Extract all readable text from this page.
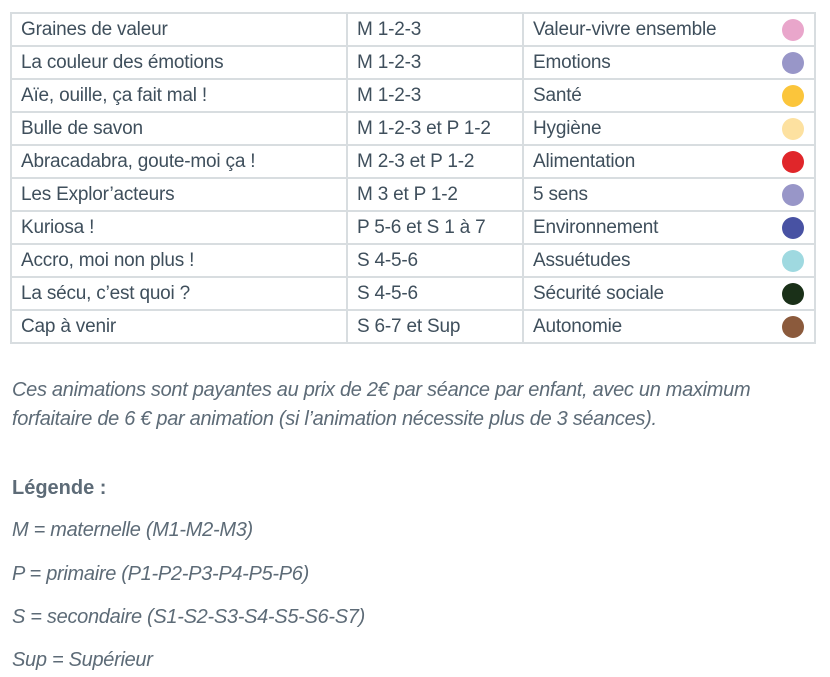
Graines de valeur	M 1-2-3	Valeur-vivre ensemble

La couleur des émotions	M 1-2-3	Emotions

Aïe, ouille, ça fait mal !	M 1-2-3	Santé

Bulle de savon	M 1-2-3 et P 1-2	Hygiène

Abracadabra, goute-moi ça !	M 2-3 et P 1-2	Alimentation

Les Explor’acteurs	M 3 et P 1-2	5 sens

Kuriosa !	P 5-6 et S 1 à 7	Environnement

Accro, moi non plus !	S 4-5-6	Assuétudes

La sécu, c’est quoi ?	S 4-5-6	Sécurité sociale

Cap à venir	S 6-7 et Sup	Autonomie
Ces animations sont payantes au prix de 2€ par séance par enfant, avec un maximum
forfaitaire de 6 € par animation (si l’animation nécessite plus de 3 séances).
Légende :
M = maternelle (M1-M2-M3)
P = primaire (P1-P2-P3-P4-P5-P6)
S = secondaire (S1-S2-S3-S4-S5-S6-S7)
Sup = Supérieur
